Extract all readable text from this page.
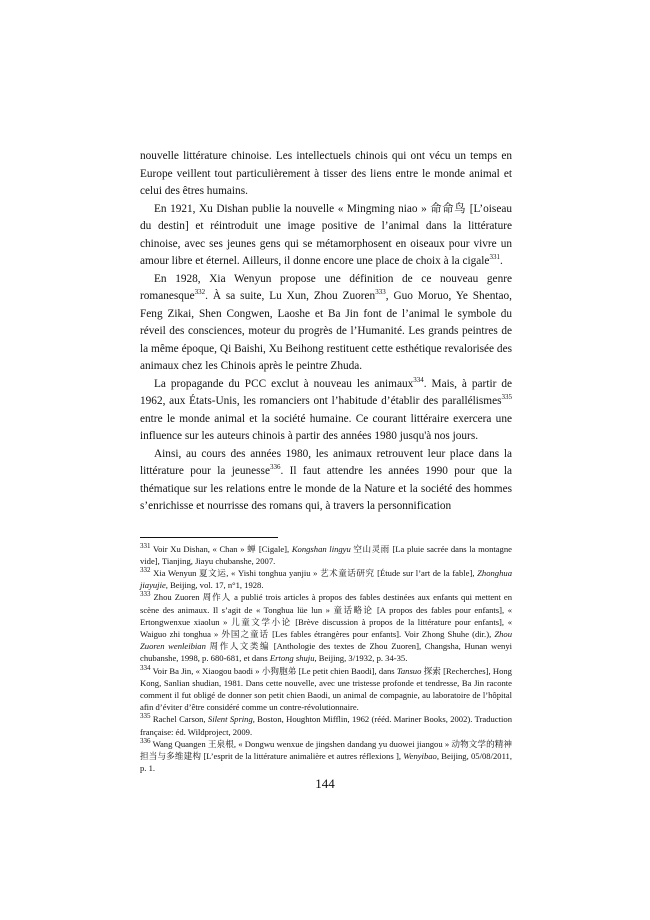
nouvelle littérature chinoise. Les intellectuels chinois qui ont vécu un temps en Europe veillent tout particulièrement à tisser des liens entre le monde animal et celui des êtres humains.

En 1921, Xu Dishan publie la nouvelle « Mingming niao » 命命鸟 [L’oiseau du destin] et réintroduit une image positive de l’animal dans la littérature chinoise, avec ses jeunes gens qui se métamorphosent en oiseaux pour vivre un amour libre et éternel. Ailleurs, il donne encore une place de choix à la cigale$^{331}$.

En 1928, Xia Wenyun propose une définition de ce nouveau genre romanesque$^{332}$. À sa suite, Lu Xun, Zhou Zuoren$^{333}$, Guo Moruo, Ye Shentao, Feng Zikai, Shen Congwen, Laoshe et Ba Jin font de l’animal le symbole du réveil des consciences, moteur du progrès de l’Humanité. Les grands peintres de la même époque, Qi Baishi, Xu Beihong restituent cette esthétique revalorisée des animaux chez les Chinois après le peintre Zhuda.

La propagande du PCC exclut à nouveau les animaux$^{334}$. Mais, à partir de 1962, aux États-Unis, les romanciers ont l’habitude d’établir des parallélismes$^{335}$ entre le monde animal et la société humaine. Ce courant littéraire exercera une influence sur les auteurs chinois à partir des années 1980 jusqu'à nos jours.

Ainsi, au cours des années 1980, les animaux retrouvent leur place dans la littérature pour la jeunesse$^{336}$. Il faut attendre les années 1990 pour que la thématique sur les relations entre le monde de la Nature et la société des hommes s’enrichisse et nourrisse des romans qui, à travers la personnification

$^{331}$ Voir Xu Dishan, « Chan » 蝉 [Cigale], Kongshan lingyu 空山灵雨 [La pluie sacrée dans la montagne vide], Tianjing, Jiayu chubanshe, 2007.

$^{332}$ Xia Wenyun 夏文运, « Yishi tonghua yanjiu » 艺术童话研究 [Étude sur l’art de la fable], Zhonghua jiayujie, Beijing, vol. 17, n°1, 1928.

$^{333}$ Zhou Zuoren 周作人 a publié trois articles à propos des fables destinées aux enfants qui mettent en scène des animaux. Il s’agit de « Tonghua lüe lun » 童话略论 [A propos des fables pour enfants], « Ertongwenxue xiaolun » 儿童文学小论 [Brève discussion à propos de la littérature pour enfants], « Waiguo zhi tonghua » 外国之童话 [Les fables étrangères pour enfants]. Voir Zhong Shuhe (dir.), Zhou Zuoren wenleibian 周作人文类编 [Anthologie des textes de Zhou Zuoren], Changsha, Hunan wenyi chubanshe, 1998, p. 680-681, et dans Ertong shuju, Beijing, 3/1932, p. 34-35.

$^{334}$ Voir Ba Jin, « Xiaogou baodi » 小狗胞弟 [Le petit chien Baodi], dans Tansuo 探索 [Recherches], Hong Kong, Sanlian shudian, 1981. Dans cette nouvelle, avec une tristesse profonde et tendresse, Ba Jin raconte comment il fut obligé de donner son petit chien Baodi, un animal de compagnie, au laboratoire de l’hôpital afin d’éviter d’être considéré comme un contre-révolutionnaire.

$^{335}$ Rachel Carson, Silent Spring, Boston, Houghton Mifflin, 1962 (rééd. Mariner Books, 2002). Traduction française: éd. Wildproject, 2009.

$^{336}$ Wang Quangen 王泉根, « Dongwu wenxue de jingshen dandang yu duowei jiangou » 动物文学的精神担当与多维建构 [L’esprit de la littérature animalière et autres réflexions ], Wenyibao, Beijing, 05/08/2011, p. 1.

144
